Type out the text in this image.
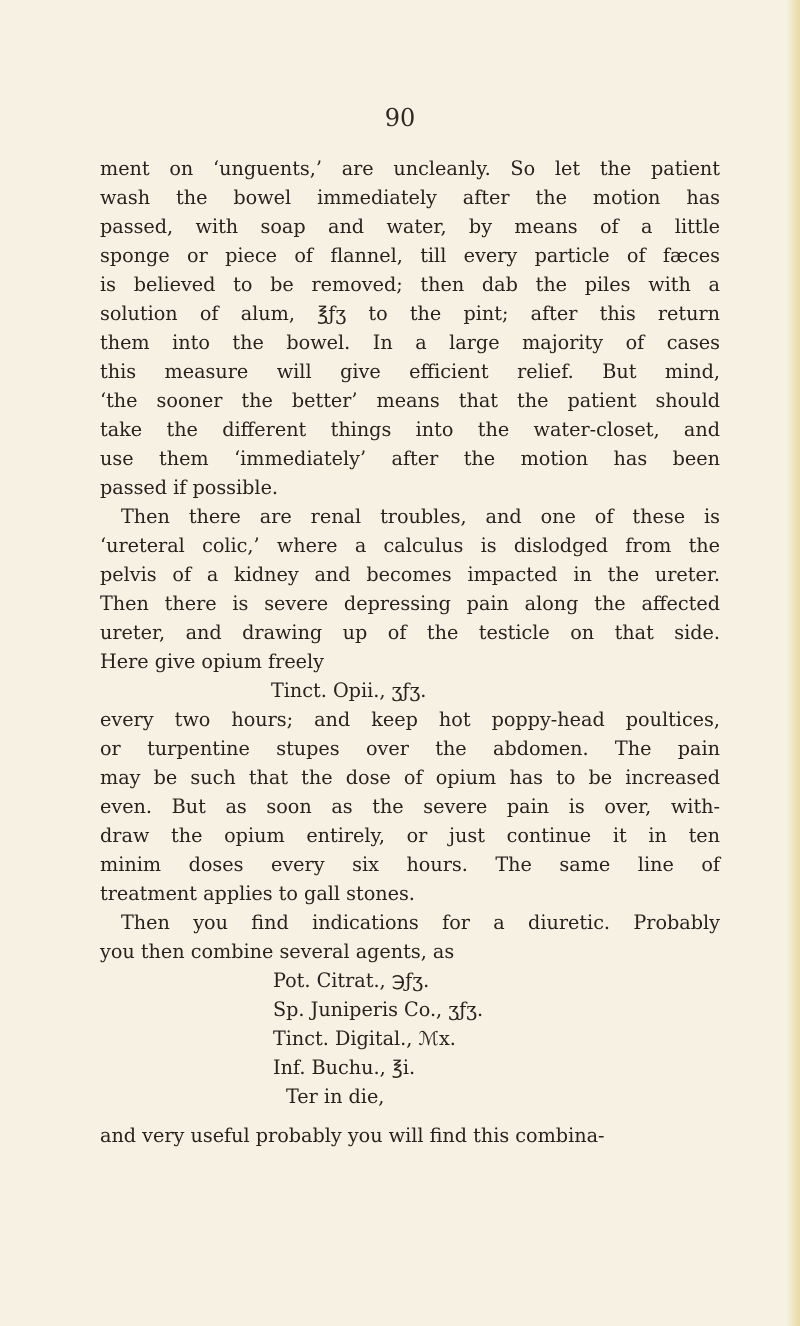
90
ment on ‘unguents,’ are uncleanly. So let the patient
wash the bowel immediately after the motion has
passed, with soap and water, by means of a little
sponge or piece of flannel, till every particle of fæces
is believed to be removed; then dab the piles with a
solution of alum, ℥ƒʒ to the pint; after this return
them into the bowel. In a large majority of cases
this measure will give efficient relief. But mind,
‘the sooner the better’ means that the patient should
take the different things into the water-closet, and
use them ‘immediately’ after the motion has been
passed if possible.
Then there are renal troubles, and one of these is
‘ureteral colic,’ where a calculus is dislodged from the
pelvis of a kidney and becomes impacted in the ureter.
Then there is severe depressing pain along the affected
ureter, and drawing up of the testicle on that side.
Here give opium freely
Tinct. Opii., ʒƒʒ.
every two hours; and keep hot poppy-head poultices,
or turpentine stupes over the abdomen. The pain
may be such that the dose of opium has to be increased
even. But as soon as the severe pain is over, with-
draw the opium entirely, or just continue it in ten
minim doses every six hours. The same line of
treatment applies to gall stones.
Then you find indications for a diuretic. Probably
you then combine several agents, as
Pot. Citrat., ℈ƒʒ.
Sp. Juniperis Co., ʒƒʒ.
Tinct. Digital., ℳx.
Inf. Buchu., ℥i.
Ter in die,
and very useful probably you will find this combina-
